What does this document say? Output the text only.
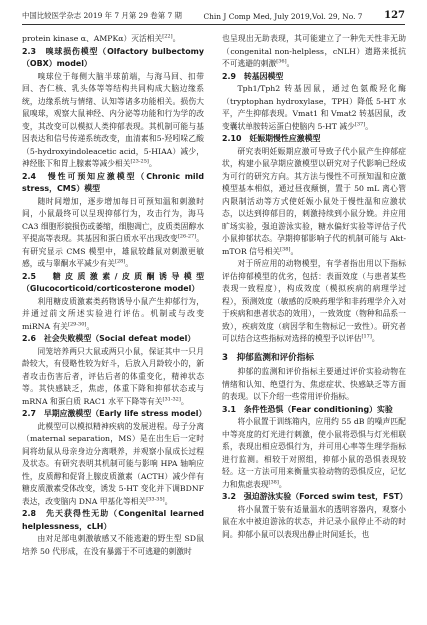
中国比较医学杂志 2019 年 7 月第 29 卷第 7 期	Chin J Comp Med, July 2019,Vol. 29, No. 7 127

protein kinase α、AMPKα）灭活相关[22]。

2.3　嗅球损伤模型（Olfactory bulbectomy（OBX）model）

嗅球位于每侧大脑半球前端，与海马回、扣带回、杏仁核、乳头体等等结构共同构成大脑边缘系统，边缘系统与情绪、认知等诸多功能相关。损伤大鼠嗅球，观察大鼠神经、内分泌等功能和行为学的改变，其改变可以模拟人类抑郁表现。其机制可能与基因表达和信号传递系统改变，血清素和5-羟吲哚乙酸（5-hydroxyindoleacetic acid，5-HIAA）减少，神经胀下和胃上腺素等减少相关[23-25]。

2.4　慢性可预知应激模型（Chronic mild stress，CMS）模型

随时间增加，逐步增加每日可预知温和刺激时间，小鼠最终可以呈现抑郁行为，攻击行为，海马CA3 细胞形貌损伤或萎缩，细胞凋亡，皮质类固醇水平提高等表现。其基因和蛋白质水平出现改变[26-27]。有研究显示 CMS 模型中，雄鼠较雌鼠对刺激更敏感，或与睾酮水平减少有关[28]。

2.5　糖皮质激素/皮质酮诱导模型（Glucocorticoid/corticosterone model）

利用糖皮质激素类药物诱导小鼠产生抑郁行为，并通过前文所述实验进行评估。机制或与改变miRNA 有关[29-30]。

2.6　社会失败模型（Social defeat model）

同笼培养两只大鼠或两只小鼠，保证其中一只月龄较大，有侵略性较为好斗，后放入月龄较小的，新者攻击伤害后者，评估后者的体重变化，精神状态等。其快感缺乏，焦虑，体重下降和抑郁状态或与 mRNA 和蛋白质 RAC1 水平下降等有关[31-32]。

2.7　早期应激模型（Early life stress model）

此模型可以模拟精神疾病的发展进程。母子分离（maternal separation，MS）是在出生后一定时间将幼鼠从母亲身边分离喂养，并观察小鼠成长过程及状态。有研究表明其机制可能与影响 HPA 轴响应性，皮质醇和促肾上腺皮质激素（ACTH）减少伴有糖皮质激素受体改变，诱发 5-HT 变化并下调BDNF 表达，改变脑内 DNA 甲基化等相关[33-35]。

2.8　先天获得性无助（Congenital learned helplessness，cLH）

由对足部电刺激敏感又不能逃避的野生型 SD鼠培养 50 代形成，在没有暴露于不可逃避的刺激时

也呈现出无助表现，其可能建立了一种先天性非无助（congenital non-helpless，cNLH）遗路来抵抗不可逃避的刺激[36]。

2.9　转基因模型

Tph1/Tph2 转基因鼠，通过色氨酸羟化酶（tryptophan hydroxylase，TPH）降低 5-HT 水平，产生抑郁表现。Vmat1 和 Vmat2 转基因鼠，改变囊状单胺转运蛋白使脑内 5-HT 减少[37]。

2.10　妊娠期慢性应激模型

研究表明妊娠期应激可导致子代小鼠产生抑郁症状，构建小鼠孕期应激模型以研究对子代影响已经成为可行的研究方向。其方法与慢性不可预知温和应激模型基本相似，通过昼夜颠倒，置于 50 mL 离心管内限制活动等方式使妊娠小鼠处于慢性温和应激状态，以达到抑郁目的，刺激持续到小鼠分娩。并应用旷场实验，强迫游泳实验，糖水偏好实验等评估子代小鼠抑郁状态。孕期抑郁影响子代的机制可能与 Akt-mTOR 信号相关[38]。

对于所应用的动物模型，有学者指出用以下指标评估抑郁模型的优劣，包括：表面效度（与患者某些表现一致程度），构成效度（模拟疾病的病理学过程），预测效度（敏感的反映药理学和非药理学介入对于疾病和患者状态的效用），一致效度（物种和品系一致），疾病效度（病因学和生物标记一致性）。研究者可以结合这些指标对选择的模型予以评估[17]。

3　抑郁监测和评价指标

抑郁的监测和评价指标主要通过评价实验动物在情绪和认知、绝望行为、焦虑症状、快感缺乏等方面的表现。以下介绍一些常用评价指标。

3.1　条件性恐惧（Fear conditioning）实验

将小鼠置于训练箱内，应用约 55 dB 的噪声匹配中等亮度的灯光进行刺激，使小鼠将恐惧与灯光相联系，表现出相应恐惧行为，并可用心率等生理学指标进行监测。相较于对照组，抑郁小鼠的恐惧表现较轻。这一方法可用来衡量实验动物的恐惧反应，记忆力和焦虑表现[38]。

3.2　强迫游泳实验（Forced swim test，FST）

将小鼠置于装有适量温水的透明容器内，观察小鼠在水中被迫游泳的状态，并记录小鼠停止不动的时间。抑郁小鼠可以表现出静止时间延长，也
